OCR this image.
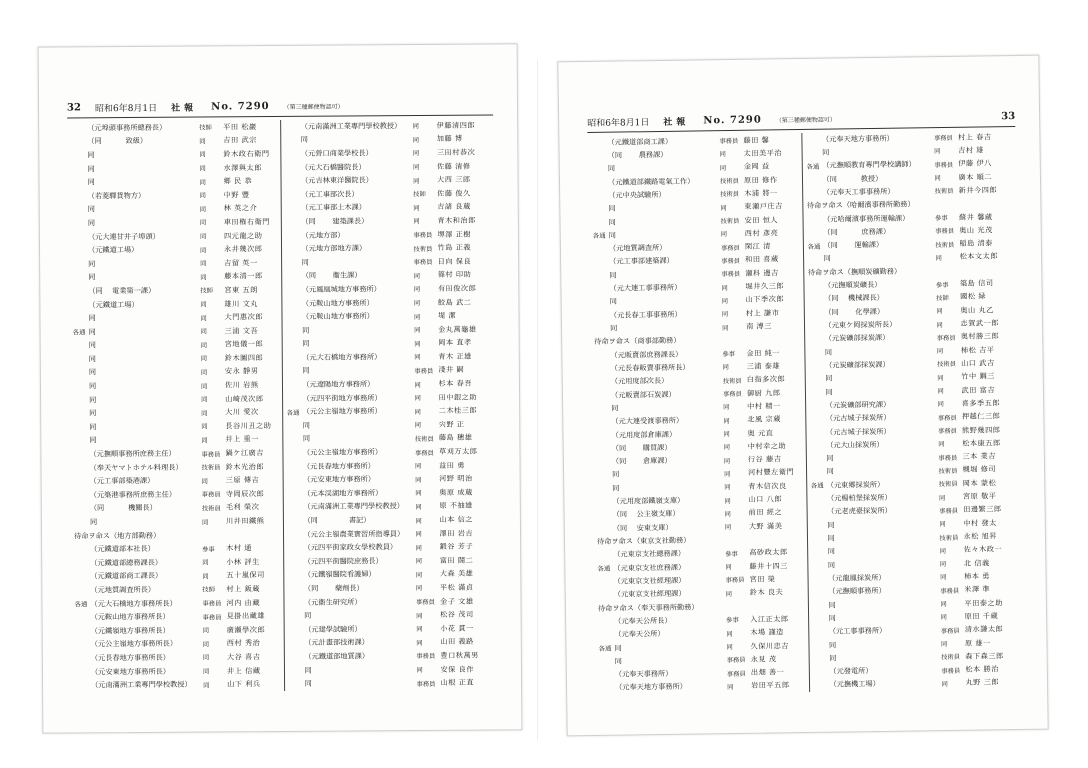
32 昭和6年8月1日 社報 No. 7290 （第三種郵便物認可）
（元埠頭事務所總務長）	技師	平田 松巖
（同 　　　致級）	同	吉田 武宗
同	同	鈴木政右衛門
同	同	水澤與太郎
同	同	郷 民 恭
（若菱驛貨物方）	同	中野 豐
同	同	林 英之介
同	同	車田権右衛門
（元大連甘井子埠頭）	同	四元龍之助
（元鐵道工場）	同	永井幾次郎
同	同	吉留 英一
同	同	藤本清一郎
（同 　電業第一課）	技師	宮東 五朗
（元鐵道工場）	同	雄川 文丸
同	同	大門惠次郎
各通 同	同	三浦 文吾
同	同	宮地儀一郎
同	同	鈴木圖四郎
同	同	安永 靜男
同	同	佐川 岩熊
同	同	山崎茂次郎
同	同	大川 愛次
同	同	長谷川丑之助
同	同	井上 重一
（元撫順事務所庶務主任）	事務員 鍋ケ江廣吉
（奉天ヤマトホテル料理長）	技術員 鈴木光治郎
（元工事部築港課）	同	三原 傳吉
（元築港事務所庶務主任）	事務員 寺岡辰次郎
（同 　　　機關長）	技術員 毛利 榮次
同	同	川井田鐵熊
待命ヲ命ス（地方部勤務）
（元鐵道部本社長）	參事	木村 通
（元鐵道部總務課長）	同	小林 評生
（元鐵道部商工課長）	同	五十嵐保司
（元地質調査所長）	技師	村上 鈑蔵
各通 （元大石橋地方事務所長）	事務員 河内 由藏
（元鞍山地方事務所長）	事務員 見掛出藏雄
（元鐵嶺地方事務所長）	同	廣瀬學次郎
（元公主嶺地方事務所長）	同	西村 秀治
（元長春地方事務所長）	同	大谷 喜吉
（元安東地方事務所長）	同	井上 信藏
（元南滿洲工業專門學校教授）	同	山下 利兵
（元南滿洲工業專門學校教授）	同	伊藤清四郎
同	同	加藤 博
（元營口商業學校長）	同	三田村恭次
（元大石橋醫院長）	同	佐藤 清修
（元吉林東洋醫院長）	同	大西 三郎
（元工事部次長）	技師	佐藤 俊久
（元工事部土木課）	同	吉諸 良蔵
（同 　　建築課長）	同	青木和治郎
（元地方部）	事務員 堺澤 正樹
（元地方部地方課）	技術員 竹島 正義
同	事務員 日向 保良
（同 　　衞生課）	同	篠村 印助
（元鳳凰城地方事務所）	同	有田俊次郎
（元鞍山地方事務所）	同	鮫島 武二
（元鞍山地方事務所）	同	堤 潔
同	同	金丸萬龜雄
同	同	岡本 直孝
（元大石橋地方事務所）	同	青木 正雄
同	事務員 淺井 嗣
（元遼陽地方事務所）	同	杉本 春吾
（元四平街地方事務所）	同	田中銀之助
各通 （元公主嶺地方事務所）	同	二木桂三郎
同	同	宍野 正
同	技術員 藤島 穗雄
（元公主嶺地方事務所）	事務員 草刈万太郎
（元長春地方事務所）	同	益田 勇
（元安東地方事務所）	同	河野 明治
（元本渓湖地方事務所）	同	奥原 成蔵
（元南滿洲工業專門學校教授）	同	原 不抽雄
（同 　　　　書記）	同	山本 信之
（元公主嶺農業實習所指導員）	同	澤田 岩吉
（元四平街家政女學校教員）	同	鍛谷 芳子
（元四平街醫院庶務長）	同	富田 闘二
（元鐵嶺醫院看護婦）	同	大森 美雄
（同 　　藥劑長）	同	平松 滿貞
（元衞生研究所）	事務員 金子 文雄
同	同	松谷 茂司
（元建學試驗所）	同	小花 貫一
（元計畫部技術課）	同	山田 義路
（元鐵道部地質課）	事務員 豊口秋萬男
同	同	安保 良作
同	事務員 山根 正直
昭和6年8月1日 社報 No. 7290 （第三種郵便物認可）	33
（元鐵道部商工課）	事務員 藤田 馨
（同 　　農務課）	同	太田美平治
同	同	金岡 益
（元鐵道部鐵路電氣工作）	技術員 原田 修作
（元中央試驗所）	技術員 木浦 將一
同	同	東瀬戸庄吉
同	技術員 安田 恒人
各通 同	同	西村 彥亮
（元地質調査所）	事務員 閑江 清
（元工事部建築課）	事務員 和田 喜蔵
同	事務員 瀬科 邊吉
（元大連工事事務所）	同	堀井久三郎
同	同	山下季次郎
（元長春工事事務所）	同	村上 謙市
同	同	南 溥三
待命ヲ命ス（商事部勤務）
（元販賣部庶務課長）	參事	金田 純一
（元長春販賣事務所長）	同	三浦 泰雄
（元用度部次長）	技術員 白指多次郎
（元販賣部石炭課）	事務員 御厨 九郎
同	同	中村 精一
（元大連受渡事務所）	同	北風 宗蔵
（元用度部倉庫課）	同	奥 元直
（同 　　購買課）	同	中村幸之助
（同 　　倉庫課）	同	行谷 藤吉
同	同	河村豐左衛門
同	同	青木信次良
（元用度部鐵嶺支庫）	同	山口 八郎
（同 　公主嶺支庫）	同	前田 經之
（同 　安東支庫）	同	大野 滿美
待命ヲ命ス（東京支社勤務）
（元東京支社總務課）	參事	高砂政太郎
各通 （元東京支社庶務課）	同	藤井十四三
（元東京支社經理課）	事務員 宮田 榮
（元東京支社經理課）	同	鈴木 良夫
待命ヲ命ス（奉天事務所勤務）
（元奉天公所長）	參事	入江正太郎
（元奉天公所）	同	木場 謹造
各通 同	同	久保川忠吉
同	事務員 永見 茂
（元奉天事務所）	事務員 出畑 善一
（元奉天地方事務所）	同	岩田平五郎
（元奉天地方事務所）	事務員 村上 春吉
同	同	吉村 雄
各通 （元撫順教育專門學校講師）	事務員 伊藤 伊八
（同 　　　教授）	同	廣本 順二
（元奉天工事事務所）	技術員 新井今四郎
待命ヲ命ス（哈爾濱事務所勤務）
（元哈爾濱事務所運輸課）	參事	蘇井 馨蔵
（同 　　　庶務課）	事務員 奥山 光茂
各通 （同 　　運輸課）	技術員 稲島 清泰
同	同	松本文太郎
待命ヲ命ス（撫順炭礦勤務）
（元撫順炭礦長）	參事	築島 信司
（同 　機械課長）	技師	國松 緑
（同 　　化學課）	同	奥山 丸乙
（元東ケ岡採炭所長）	同	志賀武一郎
（元炭礦部採炭課）	事務員 奥村勝三郎
同	同	柿松 吉平
（元炭礦部採炭課）	技術員 山口 武吉
同	同	竹中 鋼三
同	同	武田 富吉
（元炭礦部研究課）	同	喜多季五郎
（元古城子採炭所）	事務員 押越仁三郎
（元古城子採炭所）	事務員 熊野幾四郎
（元大山採炭所）	同	松本康五郎
同	事務員 三本 業吉
同	技術員 槻堀 修司
各通 （元東郷採炭所）	技術員 岡本 蒙松
（元楊柏堡採炭所）	同	宮原 敬平
（元老虎臺採炭所）	事務員 田邊繁三郎
同	同	中村 發太
同	技術員 永松 旭昇
同	同	佐々木政一
同	同	北 信義
（元龍鳳採炭所）	同	柿本 勇
（元撫順事務所）	事務員 米澤 準
同	同	平田泰之助
同	同	原田 千蔵
（元工事事務所）	事務員 清水謙太郎
同	同	原 雄一
同	技術員 森下森三郎
（元發電所）	事務員 松本 勝治
（元撫機工場）	同	丸野 三郎
